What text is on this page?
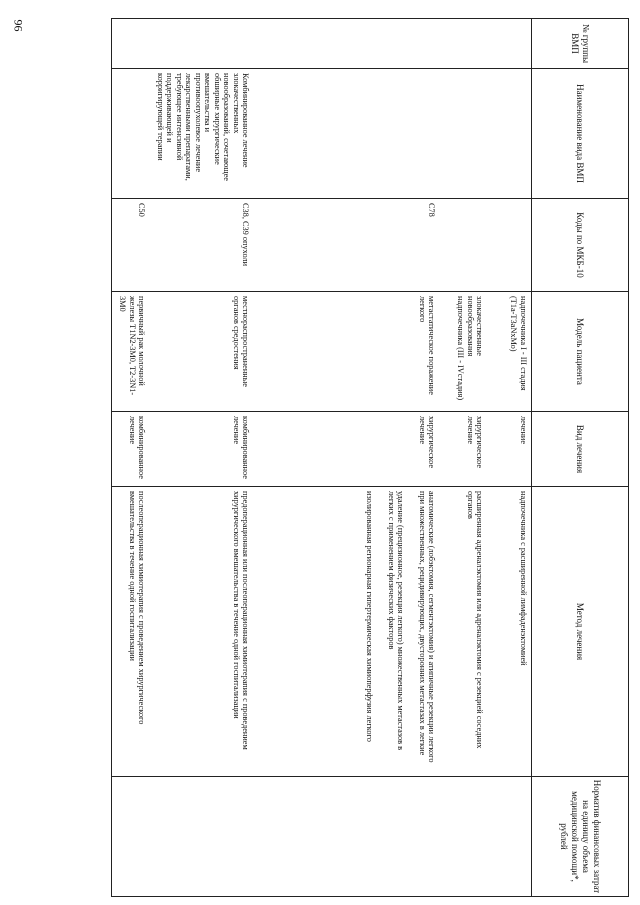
96	№ группы ВМП	Наименование вида ВМП	Коды по МКБ-10	Модель пациента	Вид лечения	Метод лечения	Норматив финансовых затрат на единицу объема медицинской помощи*, рублей
			надпочечника I - III стадия (Т1а-Т3аNхМо)	лечение	надпочечника с расширенной лимфаденэктомией	

			злокачественные новообразования надпочечника (III - IVстадия)	хирургическое лечение	расширенная адреналэктомия или адреналэктомия с резекцией соседних органов	

		С78	метастатическое поражение легкого	хирургическое лечение	анатомические (лобэктомия, сегментэктомия) и атипичные резекции легкого при множественных, рецидивирующих, двусторонних метастазах в легкие
удаление (прецизионное, резекция легкого) множественных метастазов в легких с применением физических факторов
изолированная регионарная гипертермическая химиоперфузия легкого	

	Комбинированное лечение злокачественных новообразований, сочетающее обширные хирургические вмешательства и противоопухолевое лечение лекарственными препаратами, требующее интенсивной поддерживающей и корригирующей терапии	С38, С39 опухоли	местнораспространенные органов средостения	комбинированное лечение	предоперационная или послеоперационная химиотерапия с проведением хирургического вмешательства в течение одной госпитализации	

		С50	первичный рак молочной железы Т1N2-3М0, Т2-3N1-3М0	комбинированное лечение	послеоперационная химиотерапия с проведением хирургического вмешательства в течение одной госпитализации	
